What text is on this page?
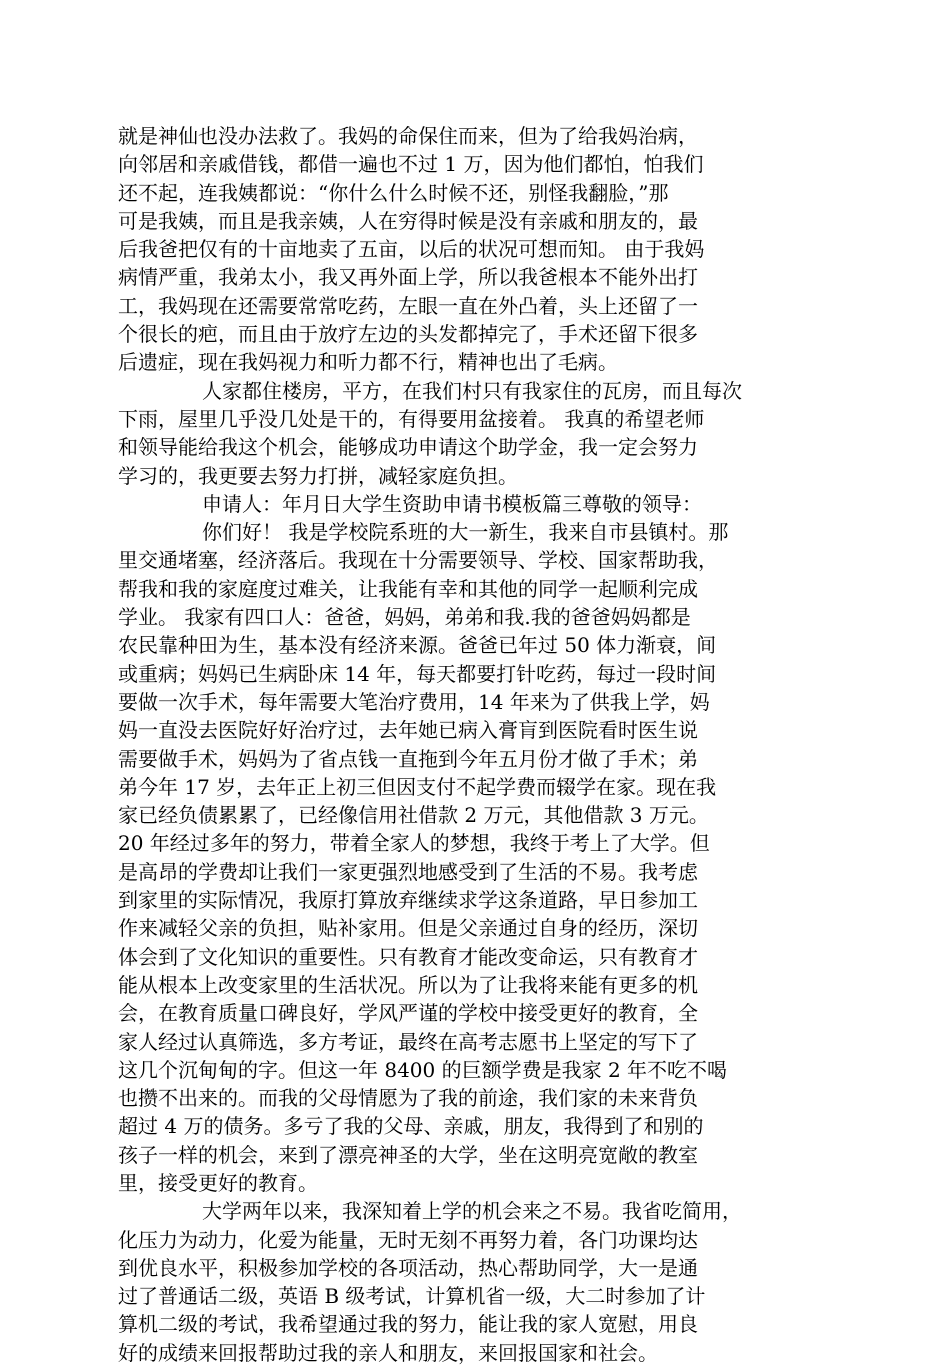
就是神仙也没办法救了。我妈的命保住而来，但为了给我妈治病，
向邻居和亲戚借钱，都借一遍也不过 1 万，因为他们都怕，怕我们
还不起，连我姨都说：“你什么什么时候不还，别怪我翻脸，”那
可是我姨，而且是我亲姨，人在穷得时候是没有亲戚和朋友的，最
后我爸把仅有的十亩地卖了五亩，以后的状况可想而知。 由于我妈
病情严重，我弟太小，我又再外面上学，所以我爸根本不能外出打
工，我妈现在还需要常常吃药，左眼一直在外凸着，头上还留了一
个很长的疤，而且由于放疗左边的头发都掉完了，手术还留下很多
后遗症，现在我妈视力和听力都不行，精神也出了毛病。
人家都住楼房，平方，在我们村只有我家住的瓦房，而且每次
下雨，屋里几乎没几处是干的，有得要用盆接着。 我真的希望老师
和领导能给我这个机会，能够成功申请这个助学金，我一定会努力
学习的，我更要去努力打拼，减轻家庭负担。
申请人：年月日大学生资助申请书模板篇三尊敬的领导：
你们好！ 我是学校院系班的大一新生，我来自市县镇村。那
里交通堵塞，经济落后。我现在十分需要领导、学校、国家帮助我，
帮我和我的家庭度过难关，让我能有幸和其他的同学一起顺利完成
学业。 我家有四口人：爸爸，妈妈，弟弟和我.我的爸爸妈妈都是
农民靠种田为生，基本没有经济来源。爸爸已年过 50 体力渐衰，间
或重病；妈妈已生病卧床 14 年，每天都要打针吃药，每过一段时间
要做一次手术，每年需要大笔治疗费用，14 年来为了供我上学，妈
妈一直没去医院好好治疗过，去年她已病入膏肓到医院看时医生说
需要做手术，妈妈为了省点钱一直拖到今年五月份才做了手术；弟
弟今年 17 岁，去年正上初三但因支付不起学费而辍学在家。现在我
家已经负债累累了，已经像信用社借款 2 万元，其他借款 3 万元。
20 年经过多年的努力，带着全家人的梦想，我终于考上了大学。但
是高昂的学费却让我们一家更强烈地感受到了生活的不易。我考虑
到家里的实际情况，我原打算放弃继续求学这条道路，早日参加工
作来减轻父亲的负担，贴补家用。但是父亲通过自身的经历，深切
体会到了文化知识的重要性。只有教育才能改变命运，只有教育才
能从根本上改变家里的生活状况。所以为了让我将来能有更多的机
会，在教育质量口碑良好，学风严谨的学校中接受更好的教育，全
家人经过认真筛选，多方考证，最终在高考志愿书上坚定的写下了
这几个沉甸甸的字。但这一年 8400 的巨额学费是我家 2 年不吃不喝
也攒不出来的。而我的父母情愿为了我的前途，我们家的未来背负
超过 4 万的债务。多亏了我的父母、亲戚，朋友，我得到了和别的
孩子一样的机会，来到了漂亮神圣的大学，坐在这明亮宽敞的教室
里，接受更好的教育。
大学两年以来，我深知着上学的机会来之不易。我省吃简用，
化压力为动力，化爱为能量，无时无刻不再努力着，各门功课均达
到优良水平，积极参加学校的各项活动，热心帮助同学，大一是通
过了普通话二级，英语 B 级考试，计算机省一级，大二时参加了计
算机二级的考试，我希望通过我的努力，能让我的家人宽慰，用良
好的成绩来回报帮助过我的亲人和朋友，来回报国家和社会。
